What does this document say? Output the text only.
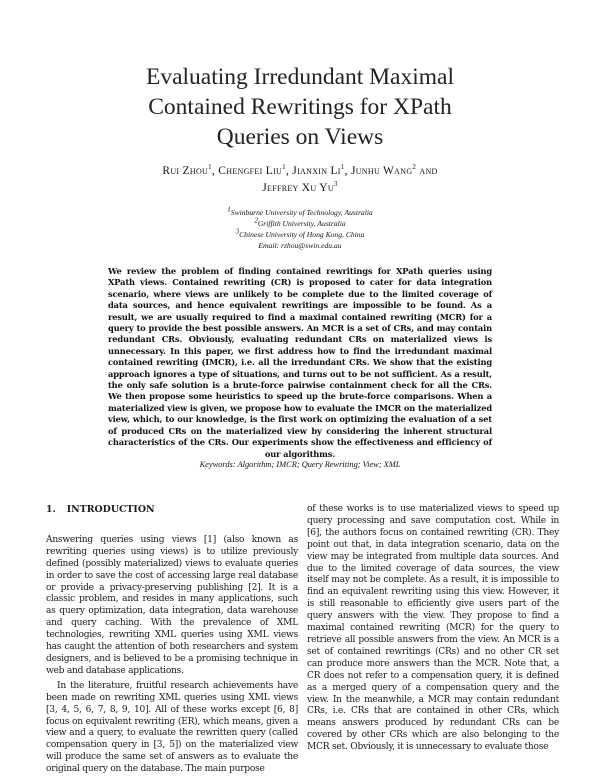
Evaluating Irredundant Maximal
Contained Rewritings for XPath
Queries on Views
Rui Zhou$^1$, Chengfei Liu$^1$, Jianxin Li$^1$, Junhu Wang$^2$ and
Jeffrey Xu Yu$^3$
$^1$Swinburne University of Technology, Australia
$^2$Griffith University, Australia
$^3$Chinese University of Hong Kong, China
Email: rzhou@swin.edu.au
We review the problem of finding contained rewritings for XPath queries using XPath views. Contained rewriting (CR) is proposed to cater for data integration scenario, where views are unlikely to be complete due to the limited coverage of data sources, and hence equivalent rewritings are impossible to be found. As a result, we are usually required to find a maximal contained rewriting (MCR) for a query to provide the best possible answers. An MCR is a set of CRs, and may contain redundant CRs. Obviously, evaluating redundant CRs on materialized views is unnecessary. In this paper, we first address how to find the irredundant maximal contained rewriting (IMCR), i.e. all the irredundant CRs. We show that the existing approach ignores a type of situations, and turns out to be not sufficient. As a result, the only safe solution is a brute-force pairwise containment check for all the CRs. We then propose some heuristics to speed up the brute-force comparisons. When a materialized view is given, we propose how to evaluate the IMCR on the materialized view, which, to our knowledge, is the first work on optimizing the evaluation of a set of produced CRs on the materialized view by considering the inherent structural characteristics of the CRs. Our experiments show the effectiveness and efficiency of our algorithms.
Keywords: Algorithm; IMCR; Query Rewriting; View; XML
1. INTRODUCTION

Answering queries using views [1] (also known as rewriting queries using views) is to utilize previously defined (possibly materialized) views to evaluate queries in order to save the cost of accessing large real database or provide a privacy-preserving publishing [2]. It is a classic problem, and resides in many applications, such as query optimization, data integration, data warehouse and query caching. With the prevalence of XML technologies, rewriting XML queries using XML views has caught the attention of both researchers and system designers, and is believed to be a promising technique in web and database applications.

In the literature, fruitful research achievements have been made on rewriting XML queries using XML views [3, 4, 5, 6, 7, 8, 9, 10]. All of these works except [6, 8] focus on equivalent rewriting (ER), which means, given a view and a query, to evaluate the rewritten query (called compensation query in [3, 5]) on the materialized view will produce the same set of answers as to evaluate the original query on the database. The main purpose

of these works is to use materialized views to speed up query processing and save computation cost. While in [6], the authors focus on contained rewriting (CR). They point out that, in data integration scenario, data on the view may be integrated from multiple data sources. And due to the limited coverage of data sources, the view itself may not be complete. As a result, it is impossible to find an equivalent rewriting using this view. However, it is still reasonable to efficiently give users part of the query answers with the view. They propose to find a maximal contained rewriting (MCR) for the query to retrieve all possible answers from the view. An MCR is a set of contained rewritings (CRs) and no other CR set can produce more answers than the MCR. Note that, a CR does not refer to a compensation query, it is defined as a merged query of a compensation query and the view. In the meanwhile, a MCR may contain redundant CRs, i.e. CRs that are contained in other CRs, which means answers produced by redundant CRs can be covered by other CRs which are also belonging to the MCR set. Obviously, it is unnecessary to evaluate those
